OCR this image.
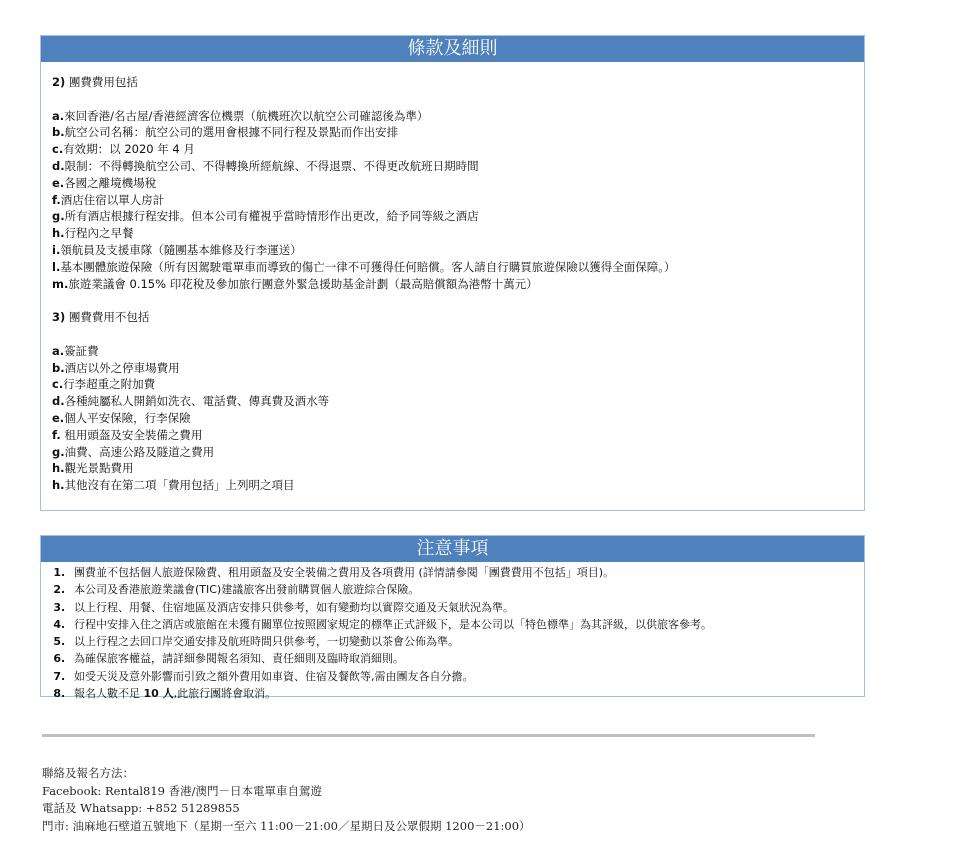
條款及細則
2) 團費費用包括
a.來回香港/名古屋/香港經濟客位機票（航機班次以航空公司確認後為準）
b.航空公司名稱：航空公司的選用會根據不同行程及景點而作出安排
c.有效期：以 2020 年 4 月
d.限制：不得轉換航空公司、不得轉換所經航線、不得退票、不得更改航班日期時間
e.各國之離境機場稅
f.酒店住宿以單人房計
g.所有酒店根據行程安排。但本公司有權視乎當時情形作出更改，給予同等級之酒店
h.行程內之早餐
i.領航員及支援車隊（隨團基本維修及行李運送）
l.基本團體旅遊保險（所有因駕駛電單車而導致的傷亡一律不可獲得任何賠償。客人請自行購買旅遊保險以獲得全面保障。）
m.旅遊業議會 0.15% 印花稅及參加旅行團意外緊急援助基金計劃（最高賠償額為港幣十萬元）
3) 團費費用不包括
a.簽証費
b.酒店以外之停車場費用
c.行李超重之附加費
d.各種純屬私人開銷如洗衣、電話費、傳真費及酒水等
e.個人平安保險，行李保險
f. 租用頭盔及安全裝備之費用
g.油費、高速公路及隧道之費用
h.觀光景點費用
h.其他沒有在第二項「費用包括」上列明之項目
注意事項
1. 團費並不包括個人旅遊保險費、租用頭盔及安全裝備之費用及各項費用 (詳情請參閱「團費費用不包括」項目)。
2. 本公司及香港旅遊業議會(TIC)建議旅客出發前購買個人旅遊綜合保險。
3. 以上行程、用餐、住宿地區及酒店安排只供參考，如有變動均以實際交通及天氣狀況為準。
4. 行程中安排入住之酒店或旅館在未獲有關單位按照國家規定的標準正式評級下，是本公司以「特色標準」為其評級，以供旅客參考。
5. 以上行程之去回口岸交通安排及航班時間只供參考，一切變動以茶會公佈為準。
6. 為確保旅客權益，請詳細參閱報名須知、責任細則及臨時取消細則。
7. 如受天災及意外影響而引致之額外費用如車資、住宿及餐飲等,需由團友各自分擔。
8. 報名人數不足 10 人,此旅行團將會取消。
聯絡及報名方法：
Facebook: Rental819 香港/澳門－日本電單車自駕遊
電話及 Whatsapp: +852 51289855
門市: 油麻地石壁道五號地下（星期一至六 11:00－21:00／星期日及公眾假期 1200－21:00）
